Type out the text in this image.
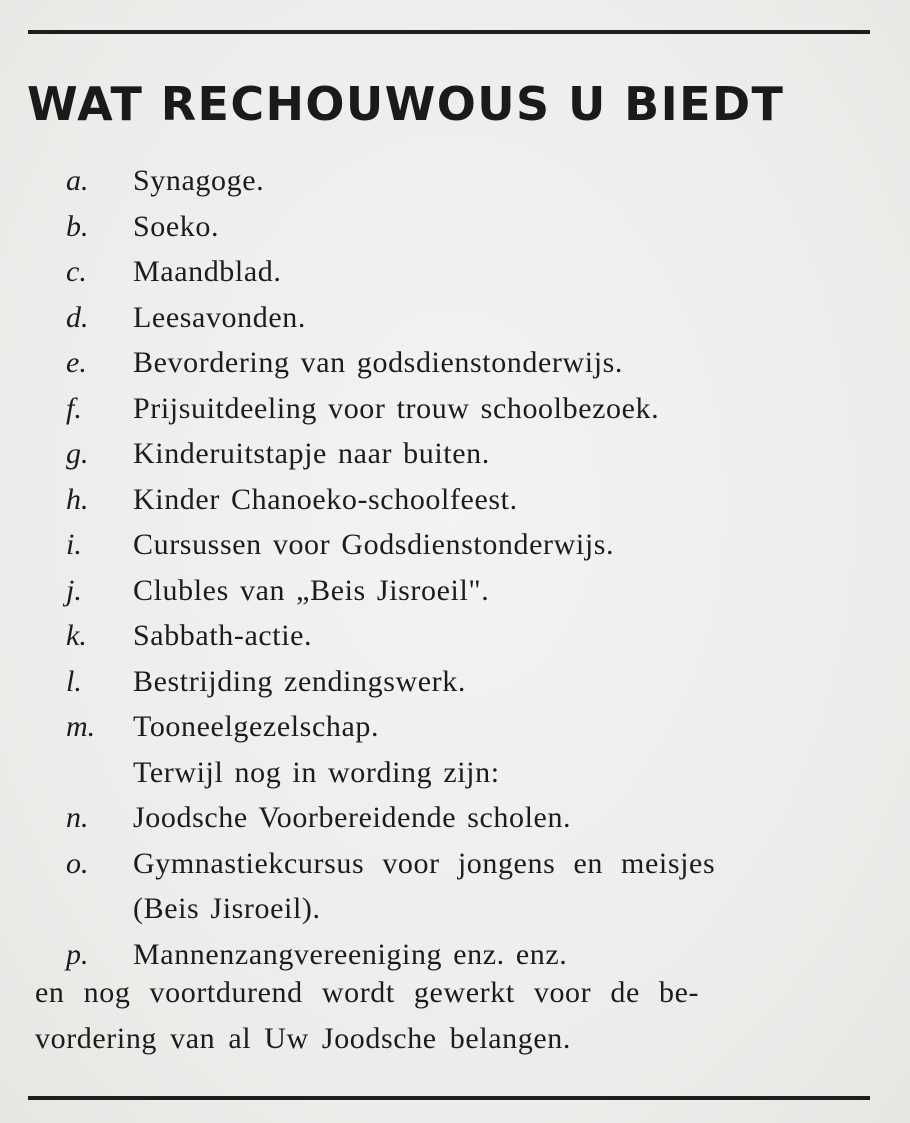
WAT RECHOUWOUS U BIEDT
a. Synagoge.
b. Soeko.
c. Maandblad.
d. Leesavonden.
e. Bevordering van godsdienstonderwijs.
f. Prijsuitdeeling voor trouw schoolbezoek.
g. Kinderuitstapje naar buiten.
h. Kinder Chanoeko-schoolfeest.
i. Cursussen voor Godsdienstonderwijs.
j. Clubles van „Beis Jisroeil".
k. Sabbath-actie.
l. Bestrijding zendingswerk.
m. Tooneelgezelschap.
Terwijl nog in wording zijn:
n. Joodsche Voorbereidende scholen.
o. Gymnastiekcursus voor jongens en meisjes
(Beis Jisroeil).
p. Mannenzangvereeniging enz. enz.

en nog voortdurend wordt gewerkt voor de be-
vordering van al Uw Joodsche belangen.
